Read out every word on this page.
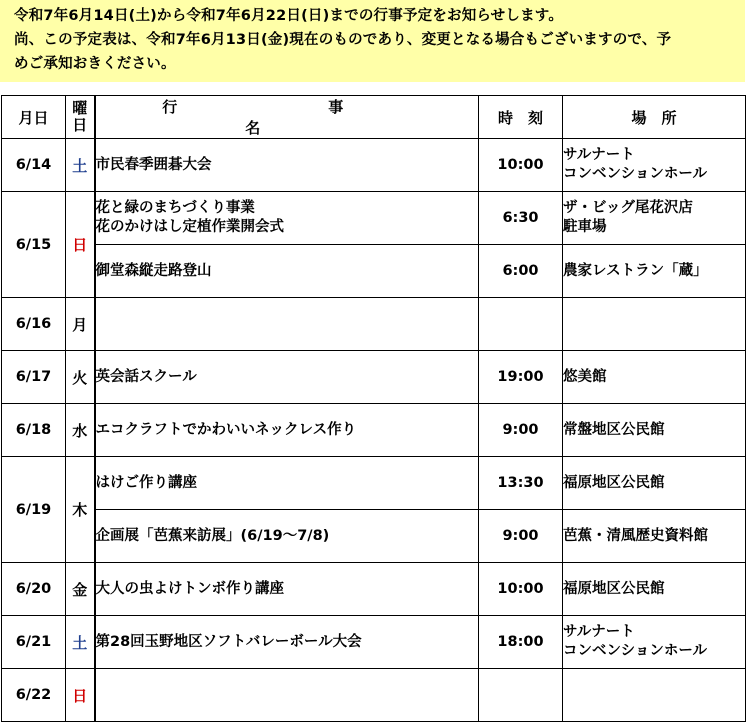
令和7年6月14日(土)から令和7年6月22日(日)までの行事予定をお知らせします。

尚、この予定表は、令和7年6月13日(金)現在のものであり、変更となる場合もございますので、予

めご承知おきください。

月日	曜日	行　事　名	時　刻	場　所
6/14	土	市民春季囲碁大会	10:00	サルナート
コンベンションホール
6/15	日	花と緑のまちづくり事業
花のかけはし定植作業開会式	6:30	ザ・ビッグ尾花沢店
駐車場
		御堂森縦走路登山	6:00	農家レストラン「蔵」
6/16	月			
6/17	火	英会話スクール	19:00	悠美館
6/18	水	エコクラフトでかわいいネックレス作り	9:00	常盤地区公民館
6/19	木	はけご作り講座	13:30	福原地区公民館
		企画展「芭蕉来訪展」(6/19～7/8)	9:00	芭蕉・清風歴史資料館
6/20	金	大人の虫よけトンボ作り講座	10:00	福原地区公民館
6/21	土	第28回玉野地区ソフトバレーボール大会	18:00	サルナート
コンベンションホール
6/22	日			
